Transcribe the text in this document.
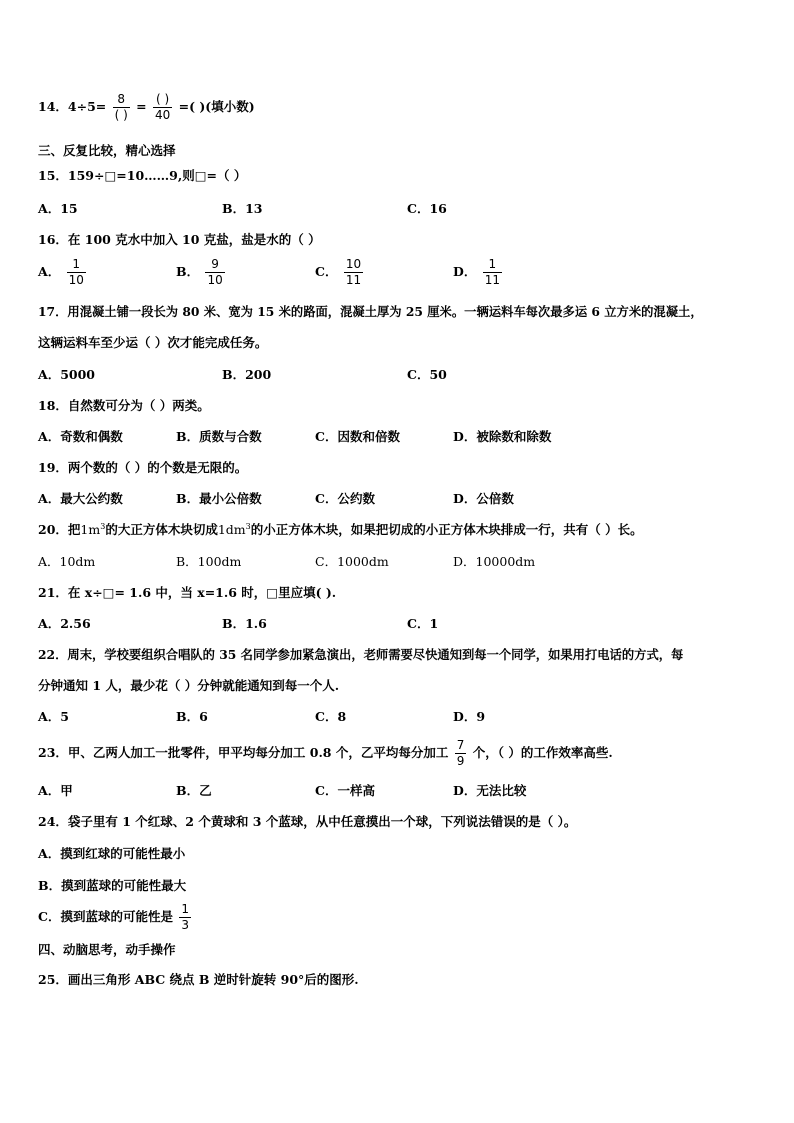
14．$4\div 5= \frac{8}{( )} = \frac{( )}{40}$ =( )(填小数)
三、反复比较，精心选择
15．159÷□=10……9,则□=（ ）
A．15	B．13	C．16
16．在 100 克水中加入 10 克盐，盐是水的（ ）
A． $\frac{1}{10}$	B． $\frac{9}{10}$	C． $\frac{10}{11}$	D． $\frac{1}{11}$
17．用混凝土铺一段长为 80 米、宽为 15 米的路面，混凝土厚为 25 厘米。一辆运料车每次最多运 6 立方米的混凝土，
这辆运料车至少运（ ）次才能完成任务。
A．5000	B．200	C．50
18．自然数可分为（ ）两类。
A．奇数和偶数	B．质数与合数	C．因数和倍数	D．被除数和除数
19．两个数的（ ）的个数是无限的。
A．最大公约数	B．最小公倍数	C．公约数	D．公倍数
20．把$1m^3$的大正方体木块切成$1dm^3$的小正方体木块，如果把切成的小正方体木块排成一行，共有（ ）长。
A．10dm	B．100dm	C．1000dm	D．10000dm
21．在 x÷□= 1.6 中，当 x=1.6 时，□里应填( ).
A．2.56	B．1.6	C．1
22．周末，学校要组织合唱队的 35 名同学参加紧急演出，老师需要尽快通知到每一个同学，如果用打电话的方式，每
分钟通知 1 人，最少花（ ）分钟就能通知到每一个人.
A．5	B．6	C．8	D．9
23．甲、乙两人加工一批零件，甲平均每分加工 0.8 个，乙平均每分加工 $\frac{7}{9}$ 个，（ ）的工作效率高些.
A．甲	B．乙	C．一样高	D．无法比较
24．袋子里有 1 个红球、2 个黄球和 3 个蓝球，从中任意摸出一个球，下列说法错误的是（ ）。
A．摸到红球的可能性最小
B．摸到蓝球的可能性最大
C．摸到蓝球的可能性是 $\frac{1}{3}$
四、动脑思考，动手操作
25．画出三角形 ABC 绕点 B 逆时针旋转 90°后的图形.
